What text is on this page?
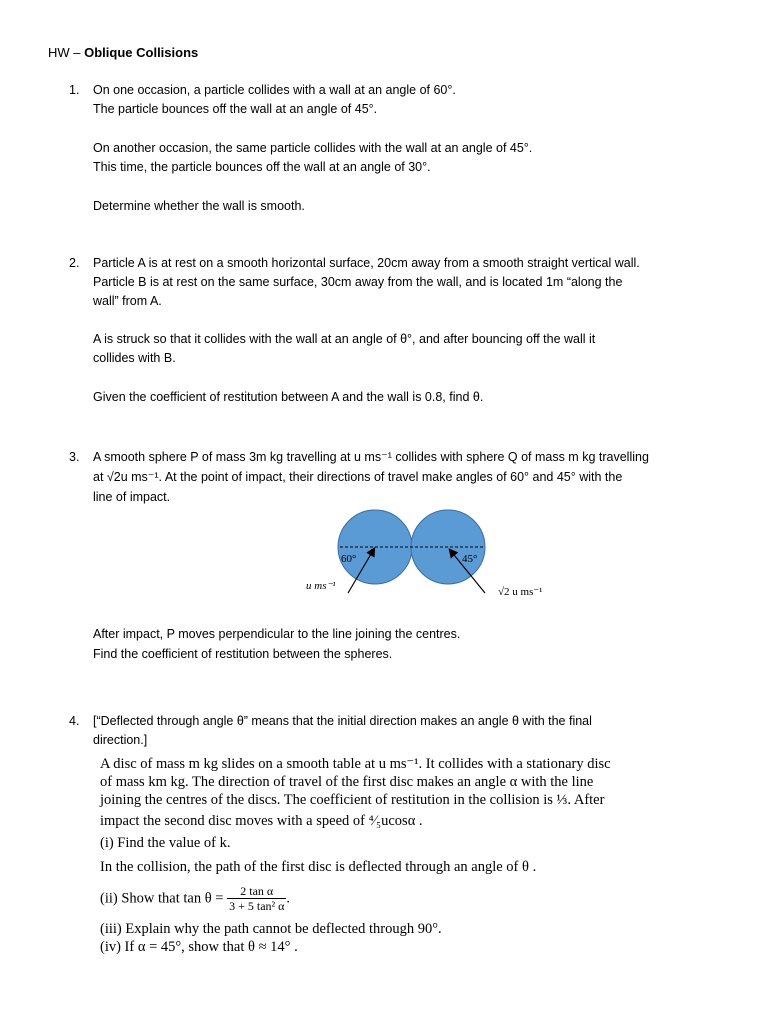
HW – Oblique Collisions
1. On one occasion, a particle collides with a wall at an angle of 60°.
The particle bounces off the wall at an angle of 45°.
On another occasion, the same particle collides with the wall at an angle of 45°.
This time, the particle bounces off the wall at an angle of 30°.
Determine whether the wall is smooth.
2. Particle A is at rest on a smooth horizontal surface, 20cm away from a smooth straight vertical wall.
Particle B is at rest on the same surface, 30cm away from the wall, and is located 1m “along the
wall” from A.
A is struck so that it collides with the wall at an angle of θ°, and after bouncing off the wall it
collides with B.
Given the coefficient of restitution between A and the wall is 0.8, find θ.
3. A smooth sphere P of mass 3m kg travelling at u ms⁻¹ collides with sphere Q of mass m kg travelling
at √2u ms⁻¹. At the point of impact, their directions of travel make angles of 60° and 45° with the
line of impact.
60°	45°
u ms⁻¹	√2 u ms⁻¹
After impact, P moves perpendicular to the line joining the centres.
Find the coefficient of restitution between the spheres.
4. [“Deflected through angle θ” means that the initial direction makes an angle θ with the final
direction.]
A disc of mass m kg slides on a smooth table at u ms⁻¹. It collides with a stationary disc
of mass km kg. The direction of travel of the first disc makes an angle α with the line
joining the centres of the discs. The coefficient of restitution in the collision is ⅓. After
impact the second disc moves with a speed of ⁴⁄₅ucosα .
(i) Find the value of k.
In the collision, the path of the first disc is deflected through an angle of θ .
(ii) Show that $\tan \theta = \frac{\text{2 tan α}}{\text{3 + 5 tan² α}}$ .
(iii) Explain why the path cannot be deflected through 90°.
(iv) If α = 45°, show that θ ≈ 14° .
